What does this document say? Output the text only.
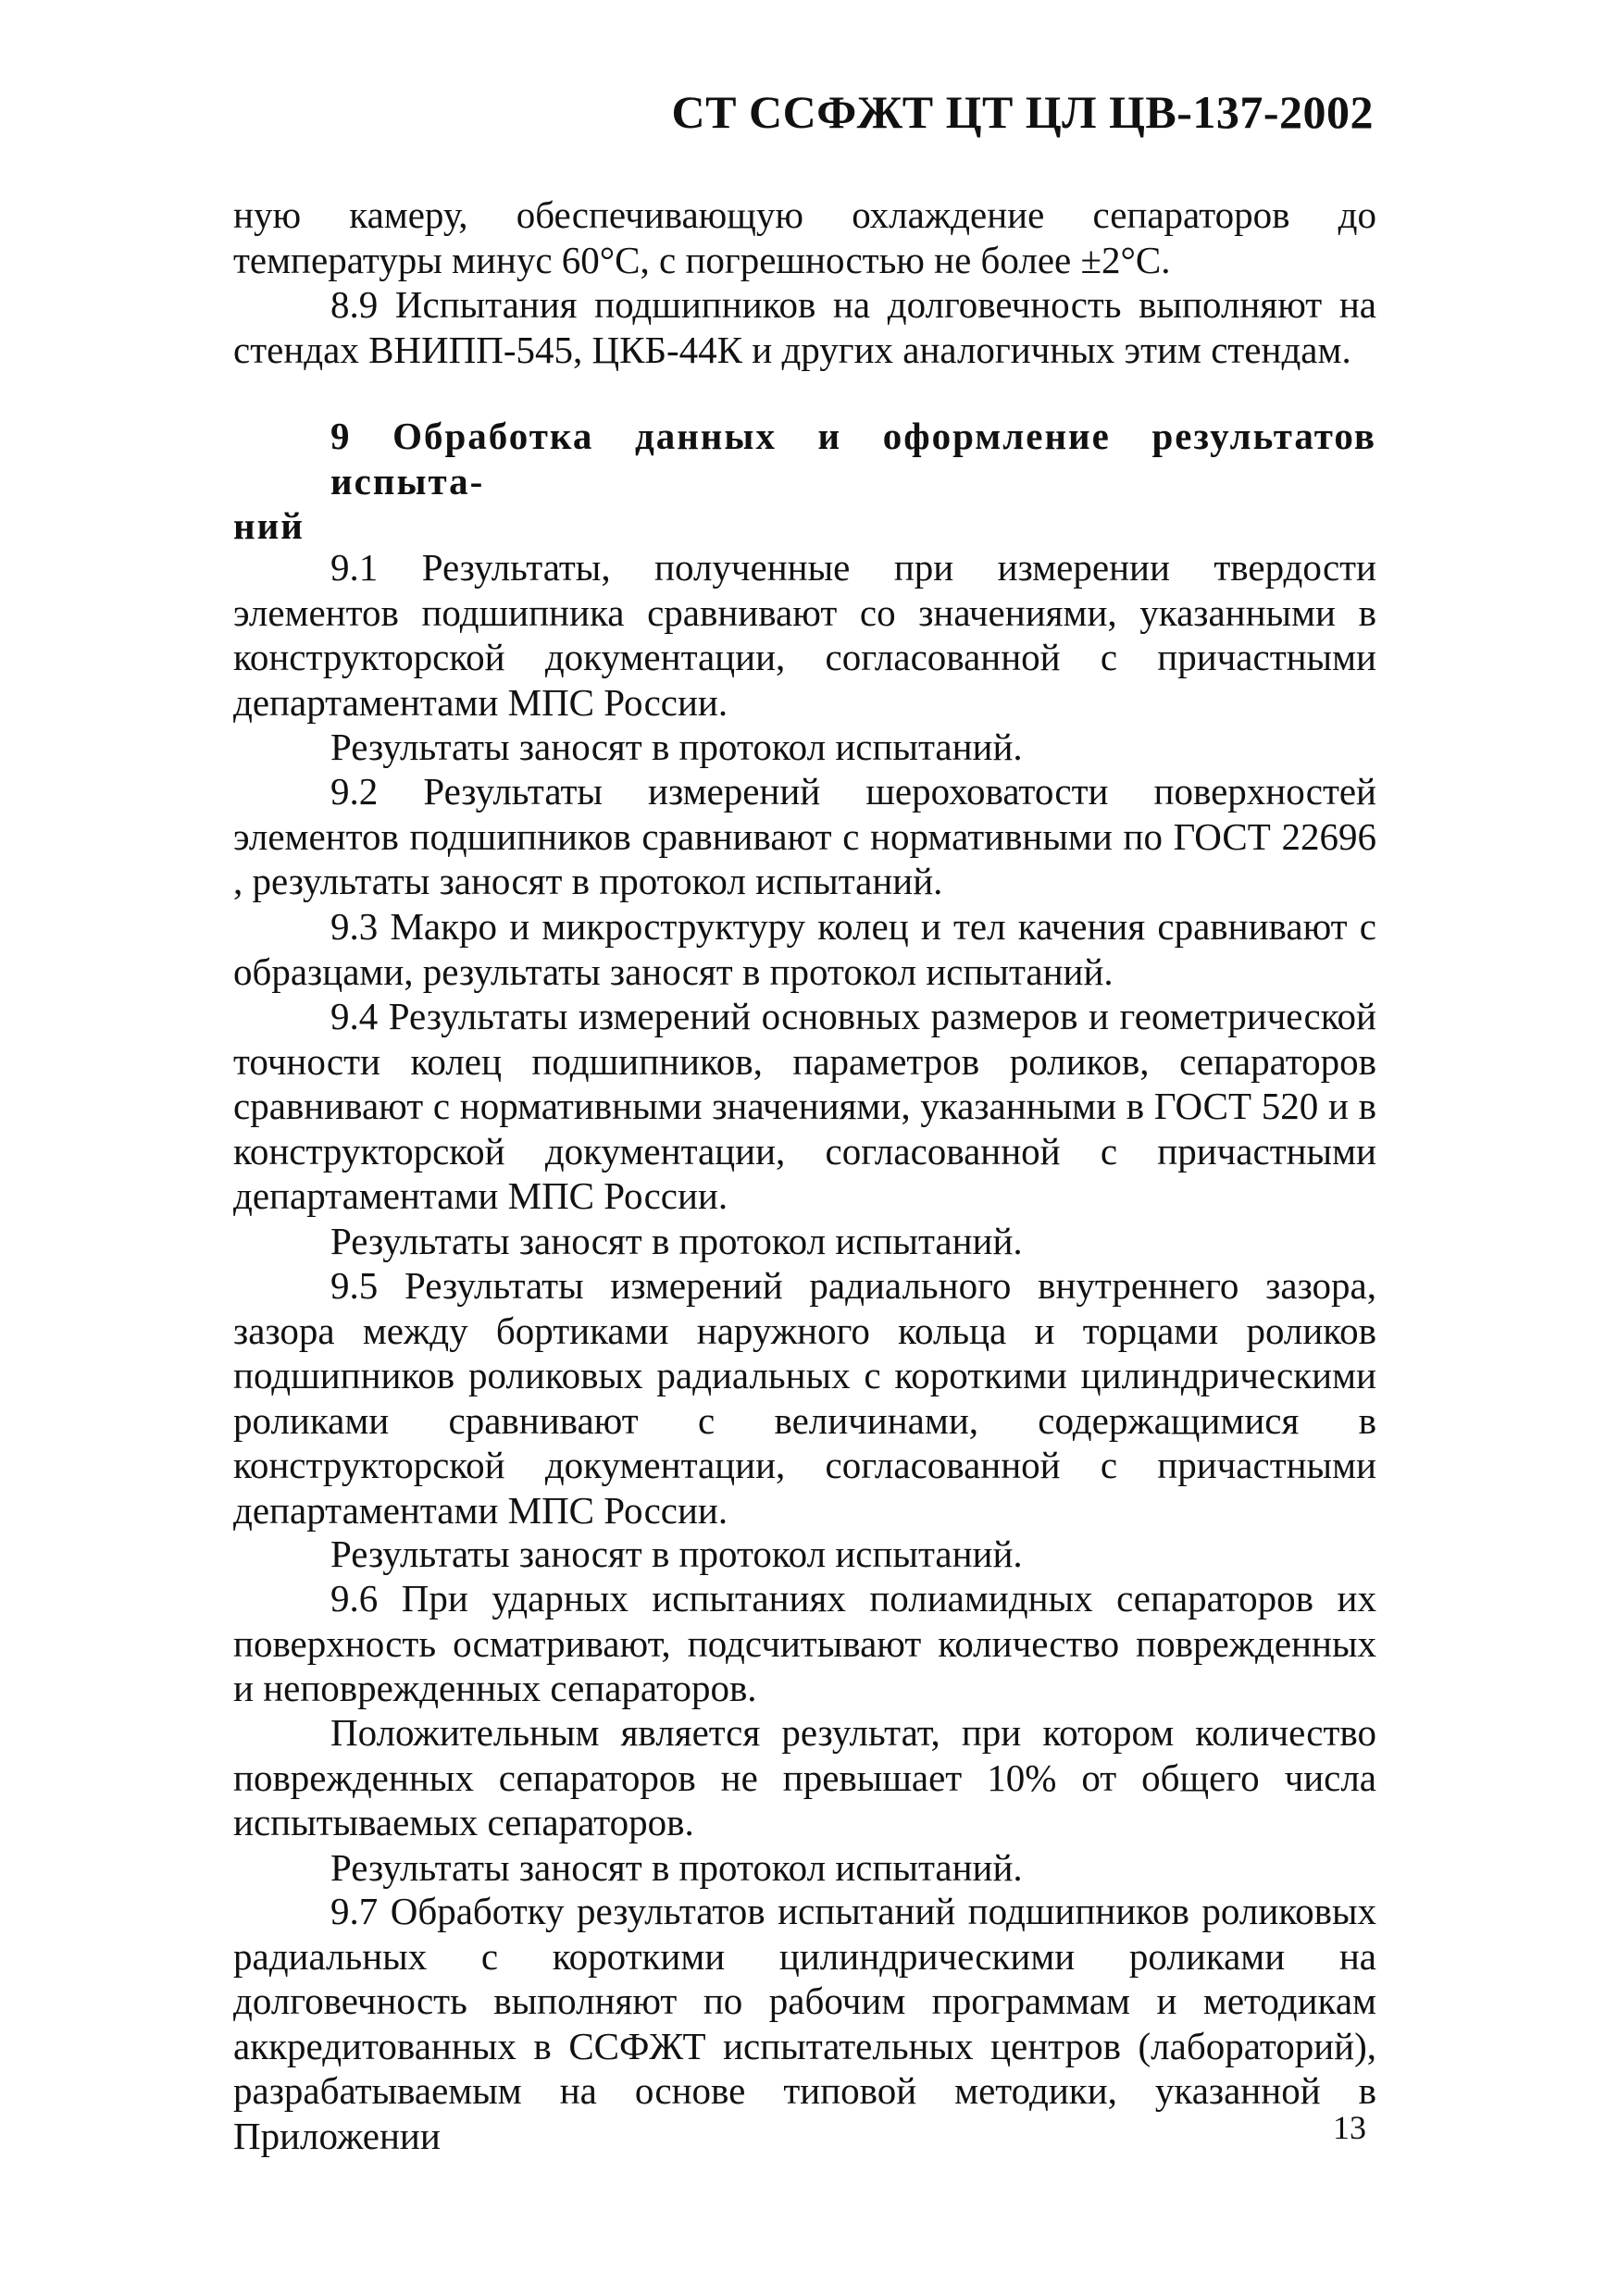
СТ ССФЖТ ЦТ ЦЛ ЦВ-137-2002

ную камеру, обеспечивающую охлаждение сепараторов до температуры минус 60°С, с погрешностью не более ±2°С.

8.9 Испытания подшипников на долговечность выполняют на стендах ВНИПП-545, ЦКБ-44К и других аналогичных этим стендам.

9 Обработка данных и оформление результатов испыта-
ний

9.1 Результаты, полученные при измерении твердости элементов подшипника сравнивают со значениями, указанными в конструкторской документации, согласованной с причастными департаментами МПС России.

Результаты заносят в протокол испытаний.

9.2 Результаты измерений шероховатости поверхностей элементов подшипников сравнивают с нормативными по ГОСТ 22696 , результаты заносят в протокол испытаний.

9.3 Макро и микроструктуру колец и тел качения сравнивают с образцами, результаты заносят в протокол испытаний.

9.4 Результаты измерений основных размеров и геометрической точности колец подшипников, параметров роликов, сепараторов сравнивают с нормативными значениями, указанными в ГОСТ 520 и в конструкторской документации, согласованной с причастными департаментами МПС России.

Результаты заносят в протокол испытаний.

9.5 Результаты измерений радиального внутреннего зазора, зазора между бортиками наружного кольца и торцами роликов подшипников роликовых радиальных с короткими цилиндрическими роликами сравнивают с величинами, содержащимися в конструкторской документации, согласованной с причастными департаментами МПС России.

Результаты заносят в протокол испытаний.

9.6 При ударных испытаниях полиамидных сепараторов их поверхность осматривают, подсчитывают количество поврежденных и неповрежденных сепараторов.

Положительным является результат, при котором количество поврежденных сепараторов не превышает 10% от общего числа испытываемых сепараторов.

Результаты заносят в протокол испытаний.

9.7 Обработку результатов испытаний подшипников роликовых радиальных с короткими цилиндрическими роликами на долговечность выполняют по рабочим программам и методикам аккредитованных в ССФЖТ испытательных центров (лабораторий), разрабатываемым на основе типовой методики, указанной в Приложении	13
